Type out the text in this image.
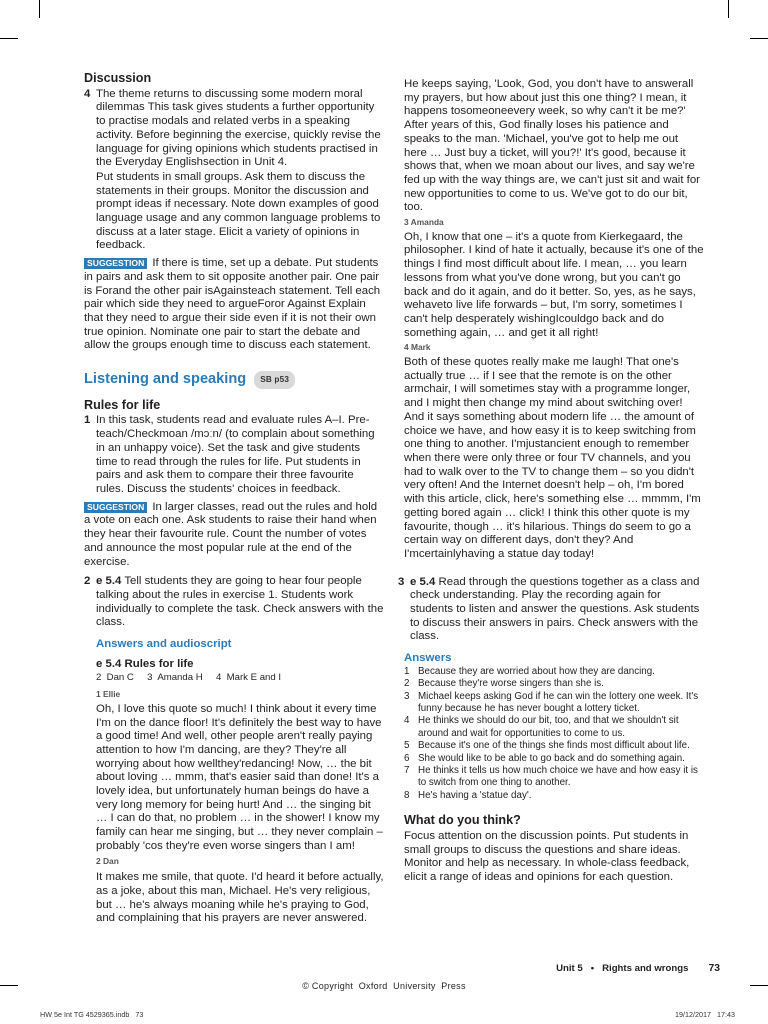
Discussion
4 The theme returns to discussing some modern moral dilemmas This task gives students a further opportunity to practise modals and related verbs in a speaking activity. Before beginning the exercise, quickly revise the language for giving opinions which students practised in the Everyday Englishsection in Unit 4.

Put students in small groups. Ask them to discuss the statements in their groups. Monitor the discussion and prompt ideas if necessary. Note down examples of good language usage and any common language problems to discuss at a later stage. Elicit a variety of opinions in feedback.

SUGGESTION If there is time, set up a debate. Put students in pairs and ask them to sit opposite another pair. One pair is Forand the other pair isAgainsteach statement. Tell each pair which side they need to argueForor Against Explain that they need to argue their side even if it is not their own true opinion. Nominate one pair to start the debate and allow the groups enough time to discuss each statement.

Listening and speaking	SB p53
Rules for life
1 In this task, students read and evaluate rules A–I. Pre-teach/Checkmoan /mɔːn/ (to complain about something in an unhappy voice). Set the task and give students time to read through the rules for life. Put students in pairs and ask them to compare their three favourite rules. Discuss the students' choices in feedback.

SUGGESTION In larger classes, read out the rules and hold a vote on each one. Ask students to raise their hand when they hear their favourite rule. Count the number of votes and announce the most popular rule at the end of the exercise.

2 e 5.4 Tell students they are going to hear four people talking about the rules in exercise 1. Students work individually to complete the task. Check answers with the class.

Answers and audioscript
e 5.4 Rules for life
2  Dan C     3  Amanda H     4  Mark E and I
1 Ellie

Oh, I love this quote so much! I think about it every time I'm on the dance floor! It's definitely the best way to have a good time! And well, other people aren't really paying attention to how I'm dancing, are they? They're all worrying about how wellthey'redancing! Now, … the bit about loving … mmm, that's easier said than done! It's a lovely idea, but unfortunately human beings do have a very long memory for being hurt! And … the singing bit … I can do that, no problem … in the shower! I know my family can hear me singing, but … they never complain – probably 'cos they're even worse singers than I am!

2 Dan

It makes me smile, that quote. I'd heard it before actually, as a joke, about this man, Michael. He's very religious, but … he's always moaning while he's praying to God, and complaining that his prayers are never answered.

He keeps saying, 'Look, God, you don't have to answerall my prayers, but how about just this one thing? I mean, it happens tosomeoneevery week, so why can't it be me?' After years of this, God finally loses his patience and speaks to the man. 'Michael, you've got to help me out here … Just buy a ticket, will you?!' It's good, because it shows that, when we moan about our lives, and say we're fed up with the way things are, we can't just sit and wait for new opportunities to come to us. We've got to do our bit, too.

3 Amanda

Oh, I know that one – it's a quote from Kierkegaard, the philosopher. I kind of hate it actually, because it's one of the things I find most difficult about life. I mean, … you learn lessons from what you've done wrong, but you can't go back and do it again, and do it better. So, yes, as he says, wehaveto live life forwards – but, I'm sorry, sometimes I can't help desperately wishingIcouldgo back and do something again, … and get it all right!

4 Mark

Both of these quotes really make me laugh! That one's actually true … if I see that the remote is on the other armchair, I will sometimes stay with a programme longer, and I might then change my mind about switching over! And it says something about modern life … the amount of choice we have, and how easy it is to keep switching from one thing to another. I'mjustancient enough to remember when there were only three or four TV channels, and you had to walk over to the TV to change them – so you didn't very often! And the Internet doesn't help – oh, I'm bored with this article, click, here's something else … mmmm, I'm getting bored again … click! I think this other quote is my favourite, though … it's hilarious. Things do seem to go a certain way on different days, don't they? And I'mcertainlyhaving a statue day today!

3 e 5.4 Read through the questions together as a class and check understanding. Play the recording again for students to listen and answer the questions. Ask students to discuss their answers in pairs. Check answers with the class.

Answers
1 Because they are worried about how they are dancing.
2 Because they're worse singers than she is.
3 Michael keeps asking God if he can win the lottery one week. It's funny because he has never bought a lottery ticket.
4 He thinks we should do our bit, too, and that we shouldn't sit around and wait for opportunities to come to us.
5 Because it's one of the things she finds most difficult about life.
6 She would like to be able to go back and do something again.
7 He thinks it tells us how much choice we have and how easy it is to switch from one thing to another.
8 He's having a 'statue day'.
What do you think?

Focus attention on the discussion points. Put students in small groups to discuss the questions and share ideas. Monitor and help as necessary. In whole-class feedback, elicit a range of ideas and opinions for each question.

Unit 5 • Rights and wrongs 73
© Copyright  Oxford  University  Press
HW 5e Int TG 4529365.indb   73	19/12/2017   17:43
